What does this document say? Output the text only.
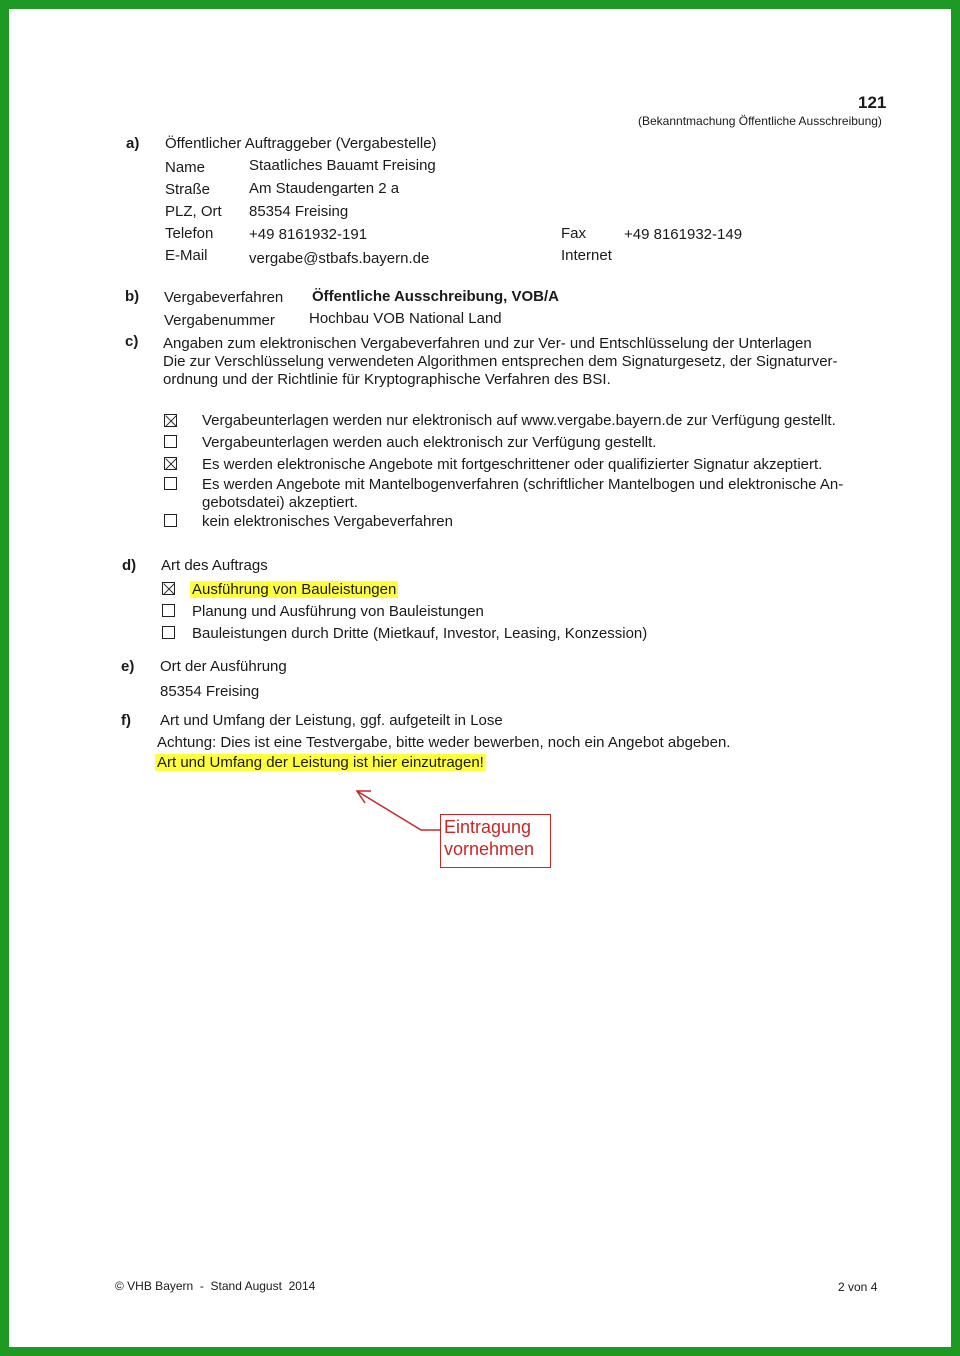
121
(Bekanntmachung Öffentliche Ausschreibung)
a) Öffentlicher Auftraggeber (Vergabestelle)
Name	Staatliches Bauamt Freising
Straße	Am Staudengarten 2 a
PLZ, Ort 85354 Freising
Telefon +49 8161932-191	Fax	+49 8161932-149
E-Mail	vergabe@stbafs.bayern.de	Internet
b) Vergabeverfahren Öffentliche Ausschreibung, VOB/A
Vergabenummer Hochbau VOB National Land
c) Angaben zum elektronischen Vergabeverfahren und zur Ver- und Entschlüsselung der Unterlagen
Die zur Verschlüsselung verwendeten Algorithmen entsprechen dem Signaturgesetz, der Signaturver-
ordnung und der Richtlinie für Kryptographische Verfahren des BSI.
Vergabeunterlagen werden nur elektronisch auf www.vergabe.bayern.de zur Verfügung gestellt.
Vergabeunterlagen werden auch elektronisch zur Verfügung gestellt.
Es werden elektronische Angebote mit fortgeschrittener oder qualifizierter Signatur akzeptiert.
Es werden Angebote mit Mantelbogenverfahren (schriftlicher Mantelbogen und elektronische An-
gebotsdatei) akzeptiert.
kein elektronisches Vergabeverfahren
d) Art des Auftrags
Ausführung von Bauleistungen
Planung und Ausführung von Bauleistungen
Bauleistungen durch Dritte (Mietkauf, Investor, Leasing, Konzession)
e) Ort der Ausführung
85354 Freising
f) Art und Umfang der Leistung, ggf. aufgeteilt in Lose
Achtung: Dies ist eine Testvergabe, bitte weder bewerben, noch ein Angebot abgeben.
Art und Umfang der Leistung ist hier einzutragen!
Eintragung
vornehmen
© VHB Bayern  -  Stand August  2014	2 von 4
